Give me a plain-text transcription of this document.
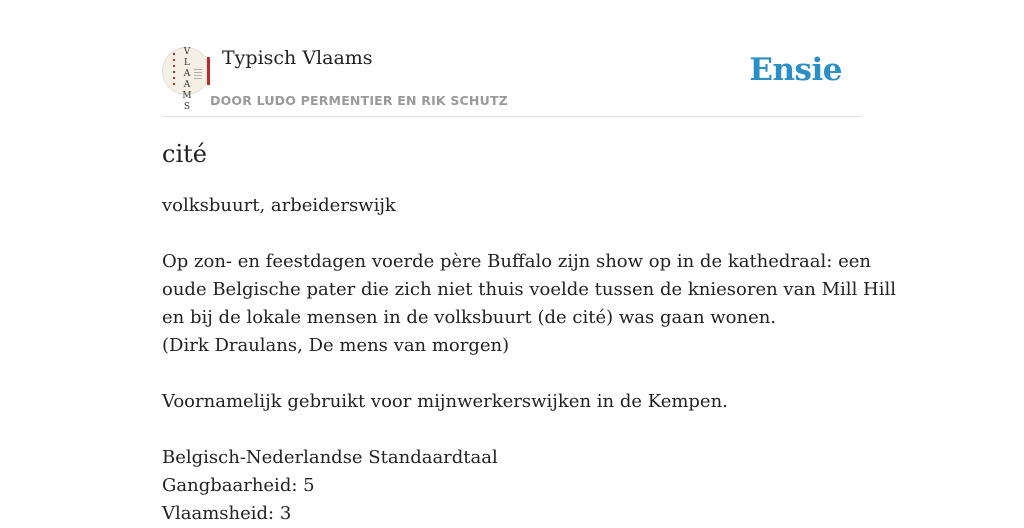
V
L
A
A
M
S
Typisch Vlaams
DOOR LUDO PERMENTIER EN RIK SCHUTZ
Ensie
cité

volksbuurt, arbeiderswijk

Op zon- en feestdagen voerde père Buffalo zijn show op in de kathedraal: een
oude Belgische pater die zich niet thuis voelde tussen de kniesoren van Mill Hill
en bij de lokale mensen in de volksbuurt (de cité) was gaan wonen.
(Dirk Draulans, De mens van morgen)

Voornamelijk gebruikt voor mijnwerkerswijken in de Kempen.

Belgisch-Nederlandse Standaardtaal
Gangbaarheid: 5
Vlaamsheid: 3
